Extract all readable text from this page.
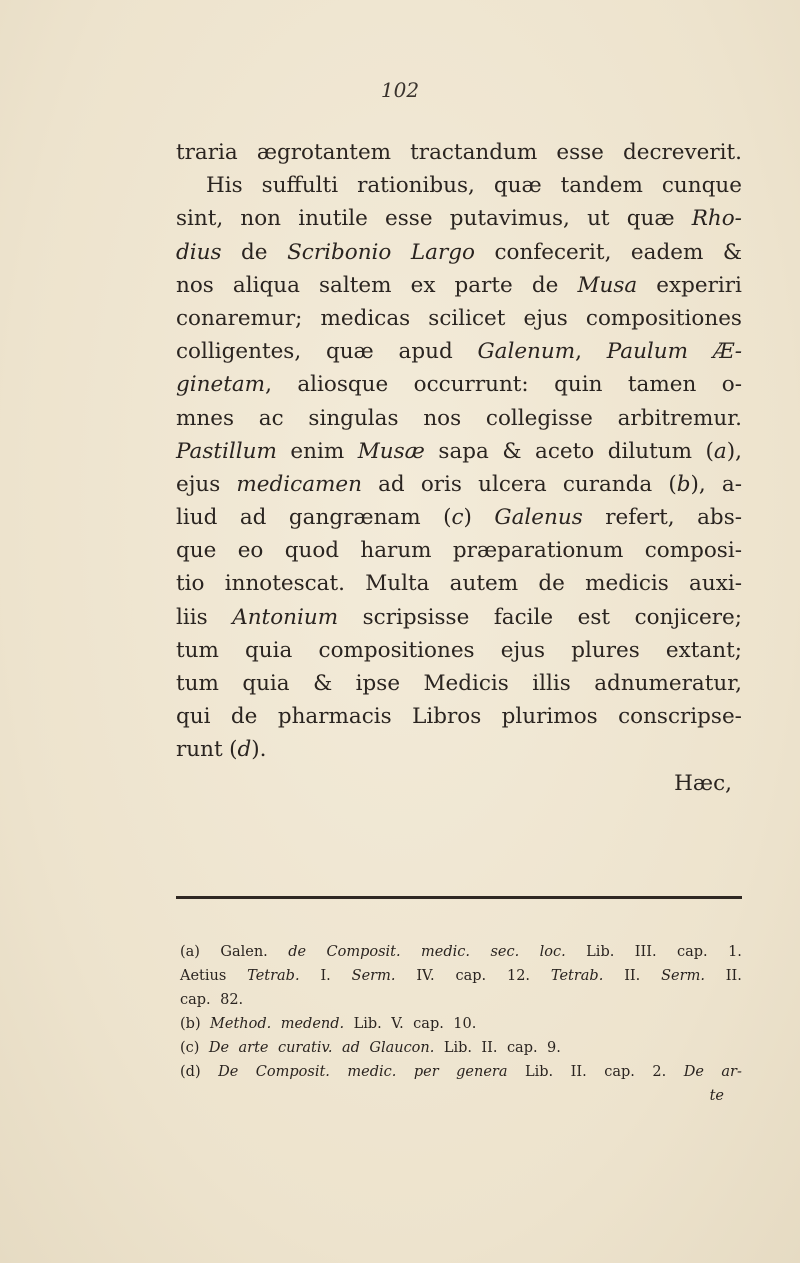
102
traria ægrotantem tractandum esse decreverit.
His suffulti rationibus, quæ tandem cunque
sint, non inutile esse putavimus, ut quæ Rho-
dius de Scribonio Largo confecerit, eadem &
nos aliqua saltem ex parte de Musa experiri
conaremur; medicas scilicet ejus compositiones
colligentes, quæ apud Galenum, Paulum Æ-
ginetam, aliosque occurrunt: quin tamen o-
mnes ac singulas nos collegisse arbitremur.
Pastillum enim Musæ sapa & aceto dilutum (a),
ejus medicamen ad oris ulcera curanda (b), a-
liud ad gangrænam (c) Galenus refert, abs-
que eo quod harum præparationum composi-
tio innotescat. Multa autem de medicis auxi-
liis Antonium scripsisse facile est conjicere;
tum quia compositiones ejus plures extant;
tum quia & ipse Medicis illis adnumeratur,
qui de pharmacis Libros plurimos conscripse-
runt (d).
Hæc,
(a) Galen. de Composit. medic. sec. loc. Lib. III. cap. 1.
Aetius Tetrab. I. Serm. IV. cap. 12. Tetrab. II. Serm. II.
cap. 82.
(b) Method. medend. Lib. V. cap. 10.
(c) De arte curativ. ad Glaucon. Lib. II. cap. 9.
(d) De Composit. medic. per genera Lib. II. cap. 2. De ar-
te
